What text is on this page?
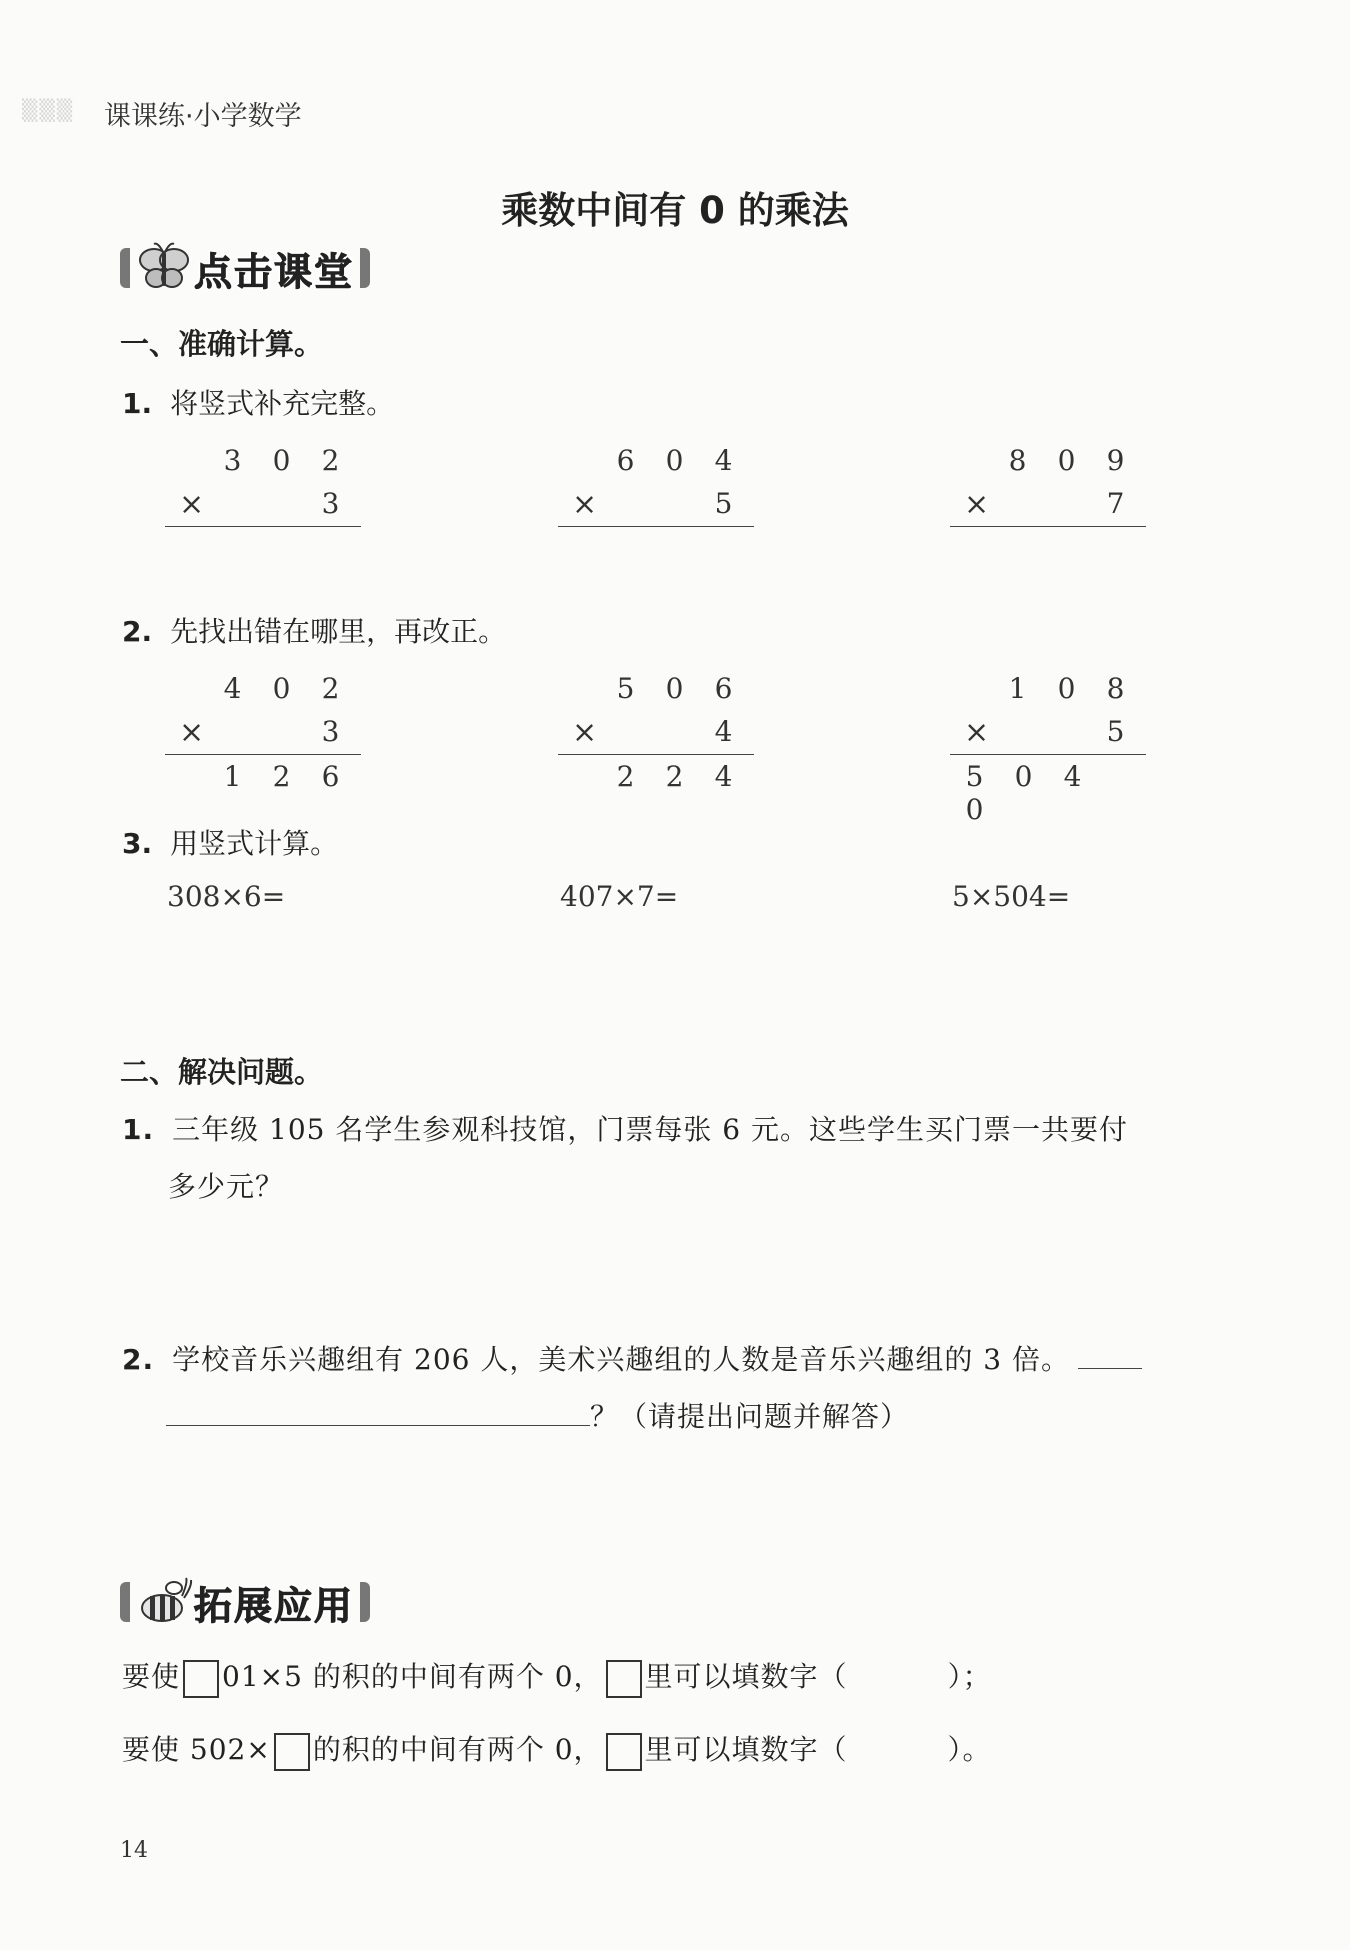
▒▒▒ 课课练·小学数学
乘数中间有 0 的乘法
点击课堂
一、准确计算。
1. 将竖式补充完整。
3 0 2
×	3
6 0 4
×	5
8 0 9
×	7
2. 先找出错在哪里，再改正。
4 0 2
×	3
1 2 6
5 0 6
×	4
2 2 4
1 0 8
×	5
5 0 40
3. 用竖式计算。
308×6=	407×7=	5×504=
二、解决问题。
1. 三年级 105 名学生参观科技馆，门票每张 6 元。这些学生买门票一共要付
多少元？
2. 学校音乐兴趣组有 206 人，美术兴趣组的人数是音乐兴趣组的 3 倍。
？（请提出问题并解答）
拓展应用
要使 01×5 的积的中间有两个 0， 里可以填数字（	）；
要使 502× 的积的中间有两个 0， 里可以填数字（	）。
14
